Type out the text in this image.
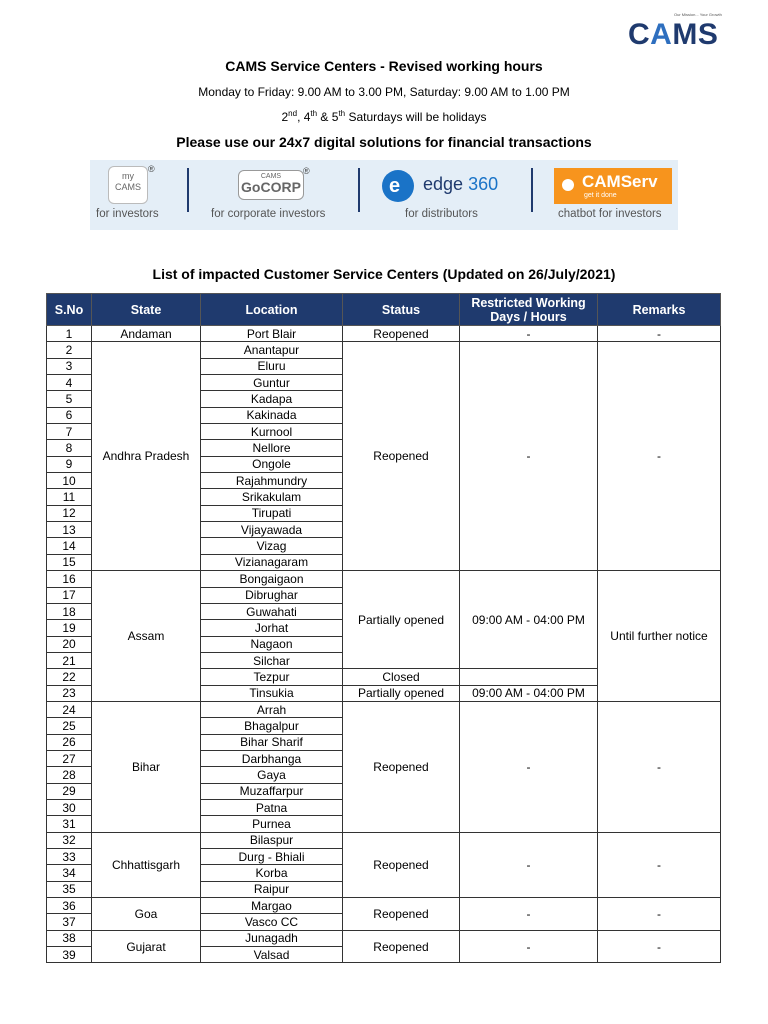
Our Mission... Your Growth
CAMS
CAMS Service Centers - Revised working hours
Monday to Friday: 9.00 AM to 3.00 PM, Saturday: 9.00 AM to 1.00 PM
2nd, 4th & 5th Saturdays will be holidays
Please use our 24x7 digital solutions for financial transactions
my
CAMS
®
for investors
CAMS
GoCORP
®
for corporate investors
e edge 360
for distributors
CAMServ
get it done
chatbot for investors
List of impacted Customer Service Centers (Updated on 26/July/2021)
S.No	State	Location	Status	Restricted Working Days / Hours	Remarks
1	Andaman	Port Blair	Reopened	-	-
2	Andhra Pradesh	Anantapur	Reopened	-	-
3		Eluru			
4		Guntur			
5		Kadapa			
6		Kakinada			
7		Kurnool			
8		Nellore			
9		Ongole			
10		Rajahmundry			
11		Srikakulam			
12		Tirupati			
13		Vijayawada			
14		Vizag			
15		Vizianagaram			
16	Assam	Bongaigaon	Partially opened	09:00 AM - 04:00 PM	Until further notice
17		Dibrughar			
18		Guwahati			
19		Jorhat			
20		Nagaon			
21		Silchar			
22		Tezpur	Closed		
23		Tinsukia	Partially opened	09:00 AM - 04:00 PM	
24	Bihar	Arrah	Reopened	-	-
25		Bhagalpur			
26		Bihar Sharif			
27		Darbhanga			
28		Gaya			
29		Muzaffarpur			
30		Patna			
31		Purnea			
32	Chhattisgarh	Bilaspur	Reopened	-	-
33		Durg - Bhiali			
34		Korba			
35		Raipur			
36	Goa	Margao	Reopened	-	-
37		Vasco CC			
38	Gujarat	Junagadh	Reopened	-	-
39		Valsad			
